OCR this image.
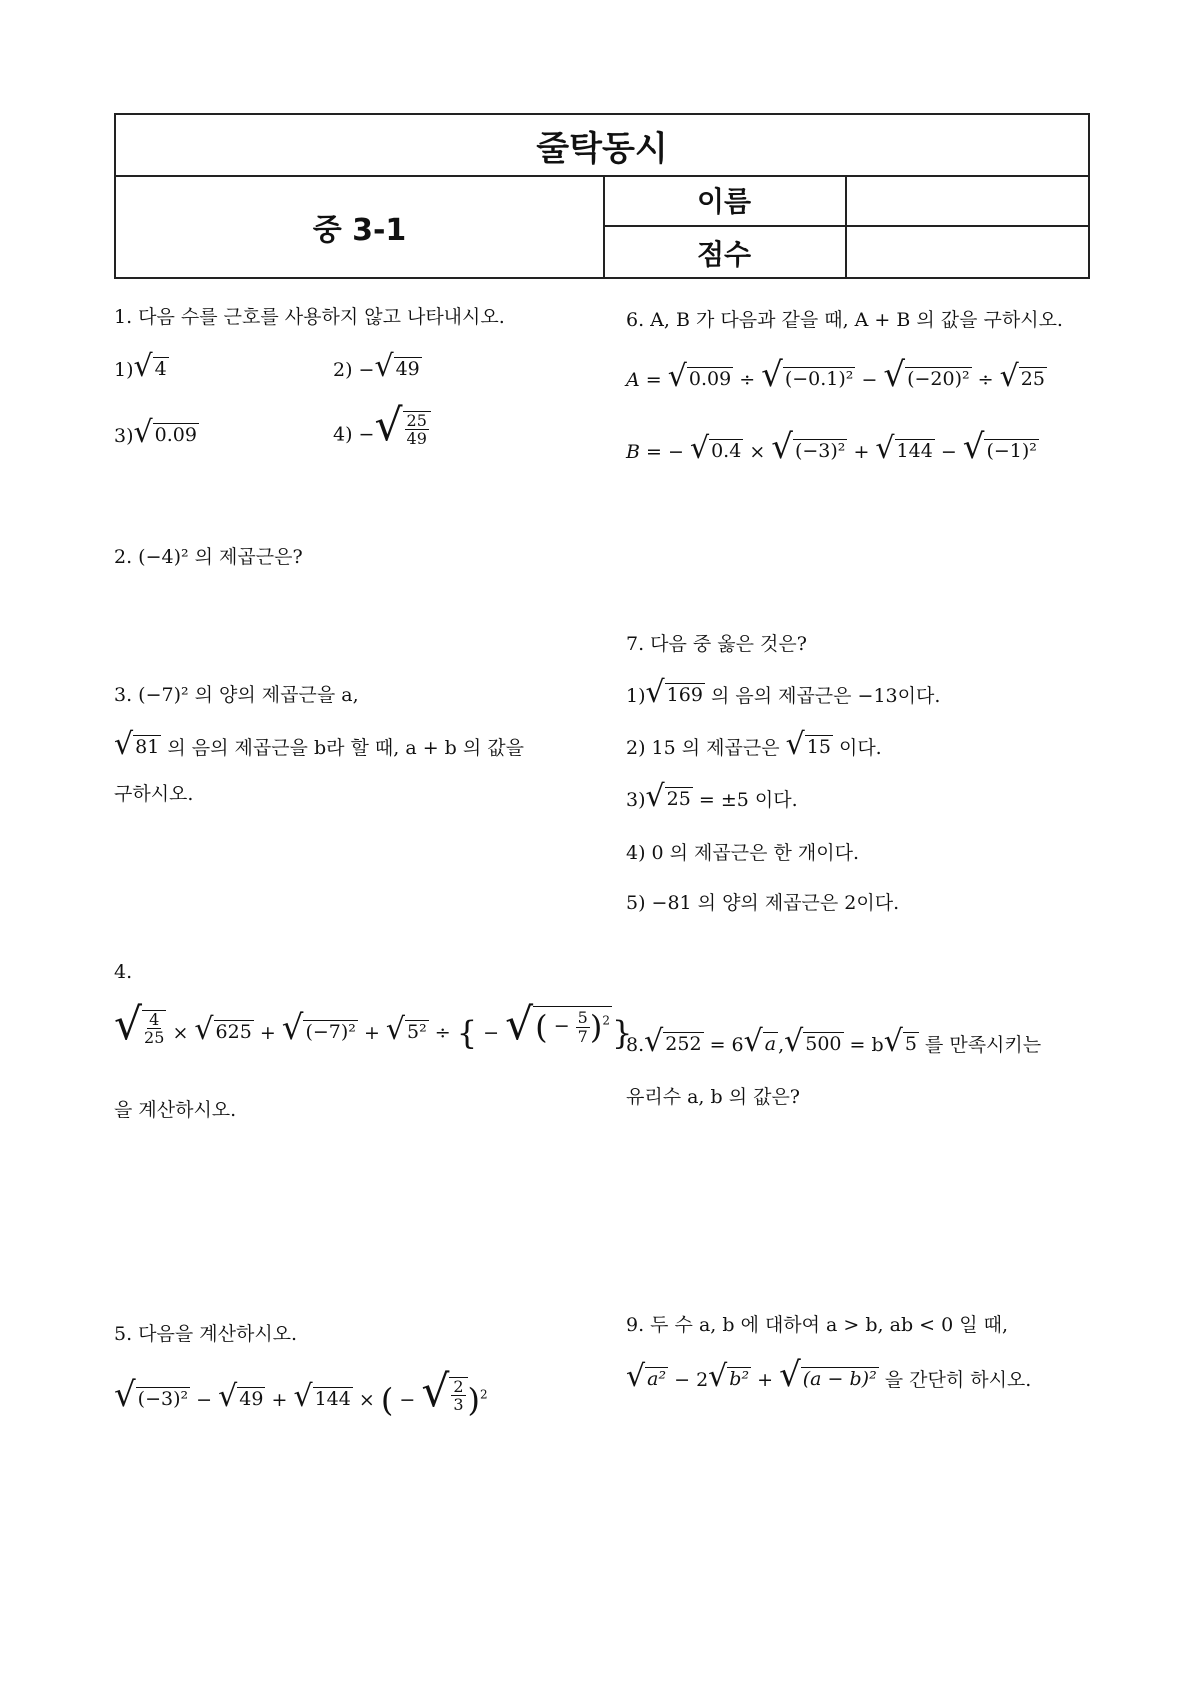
줄탁동시
중 3-1
이름
점수
1. 다음 수를 근호를 사용하지 않고 나타내시오.
1) √ 4	2) − √ 49
3) √ 0.09	4) − √ $\frac{25}{49}$
2. (−4)² 의 제곱근은?
3. (−7)² 의 양의 제곱근을 a,
√ 81 의 음의 제곱근을 b라 할 때, a + b 의 값을
구하시오.
4.
√ $\frac{4}{25}$ × √ 625 + √ (−7)² + √ 5² ÷ { − √ ( − $\frac{5}{7} )^2$ }
을 계산하시오.
5. 다음을 계산하시오.
√ (−3)² − √ 49 + √ 144 × ( − √ $\frac{2}{3} )^2$
6. A, B 가 다음과 같을 때, A + B 의 값을 구하시오.
A = √ 0.09 ÷ √ (−0.1)² − √ (−20)² ÷ √ 25
B = − √ 0.4 × √ (−3)² + √ 144 − √ (−1)²
7. 다음 중 옳은 것은?
1) √ 169 의 음의 제곱근은 −13이다.
2) 15 의 제곱근은 √ 15 이다.
3) √ 25 = ±5 이다.
4) 0 의 제곱근은 한 개이다.
5) −81 의 양의 제곱근은 2이다.
8. √ 252 = 6 √ a , √ 500 = b √ 5 를 만족시키는
유리수 a, b 의 값은?
9. 두 수 a, b 에 대하여 a > b, ab < 0 일 때,
√ a² − 2 √ b² + √ (a − b)² 을 간단히 하시오.
